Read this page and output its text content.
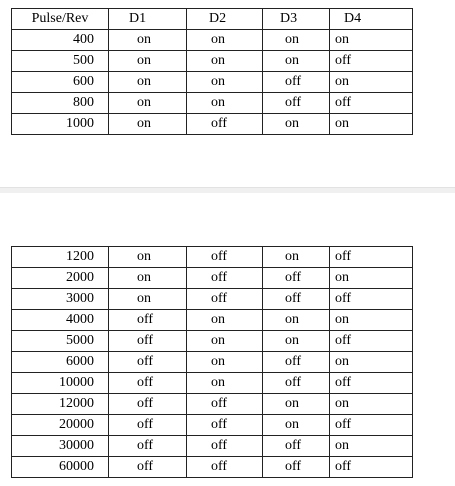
Pulse/Rev	D1	D2	D3	D4
400	on	on	on	on
500	on	on	on	off
600	on	on	off	on
800	on	on	off	off
1000	on	off	on	on
1200	on	off	on	off
2000	on	off	off	on
3000	on	off	off	off
4000	off	on	on	on
5000	off	on	on	off
6000	off	on	off	on
10000	off	on	off	off
12000	off	off	on	on
20000	off	off	on	off
30000	off	off	off	on
60000	off	off	off	off
